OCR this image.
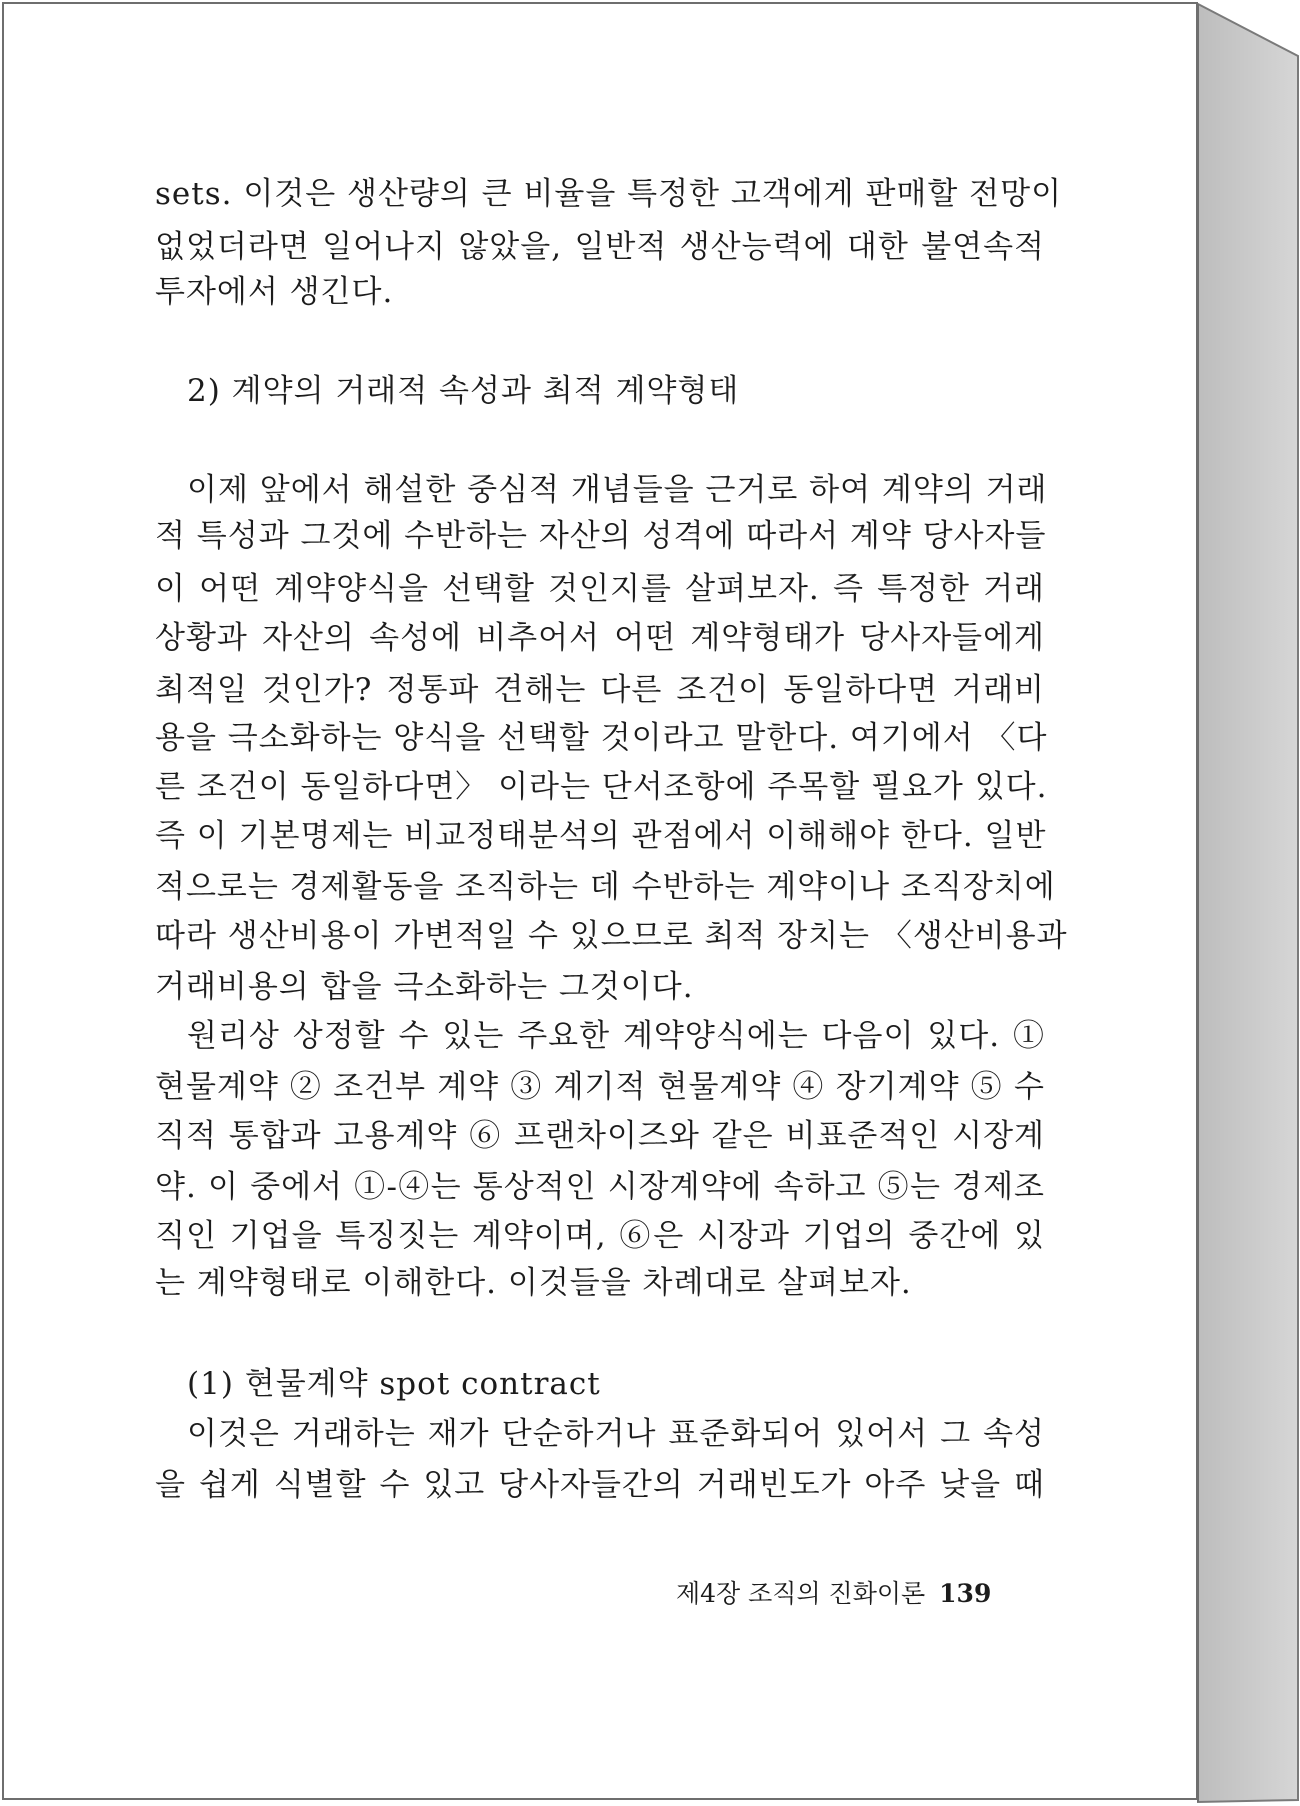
sets. 이것은 생산량의 큰 비율을 특정한 고객에게 판매할 전망이
없었더라면 일어나지 않았을, 일반적 생산능력에 대한 불연속적
투자에서 생긴다.
2) 계약의 거래적 속성과 최적 계약형태
이제 앞에서 해설한 중심적 개념들을 근거로 하여 계약의 거래
적 특성과 그것에 수반하는 자산의 성격에 따라서 계약 당사자들
이 어떤 계약양식을 선택할 것인지를 살펴보자. 즉 특정한 거래
상황과 자산의 속성에 비추어서 어떤 계약형태가 당사자들에게
최적일 것인가? 정통파 견해는 다른 조건이 동일하다면 거래비
용을 극소화하는 양식을 선택할 것이라고 말한다. 여기에서 〈다
른 조건이 동일하다면〉 이라는 단서조항에 주목할 필요가 있다.
즉 이 기본명제는 비교정태분석의 관점에서 이해해야 한다. 일반
적으로는 경제활동을 조직하는 데 수반하는 계약이나 조직장치에
따라 생산비용이 가변적일 수 있으므로 최적 장치는 〈생산비용과
거래비용의 합을 극소화하는 그것이다.
원리상 상정할 수 있는 주요한 계약양식에는 다음이 있다. ①
현물계약 ② 조건부 계약 ③ 계기적 현물계약 ④ 장기계약 ⑤ 수
직적 통합과 고용계약 ⑥ 프랜차이즈와 같은 비표준적인 시장계
약. 이 중에서 ①-④는 통상적인 시장계약에 속하고 ⑤는 경제조
직인 기업을 특징짓는 계약이며, ⑥은 시장과 기업의 중간에 있
는 계약형태로 이해한다. 이것들을 차례대로 살펴보자.
(1) 현물계약 spot contract
이것은 거래하는 재가 단순하거나 표준화되어 있어서 그 속성
을 쉽게 식별할 수 있고 당사자들간의 거래빈도가 아주 낮을 때
제4장 조직의 진화이론 139
